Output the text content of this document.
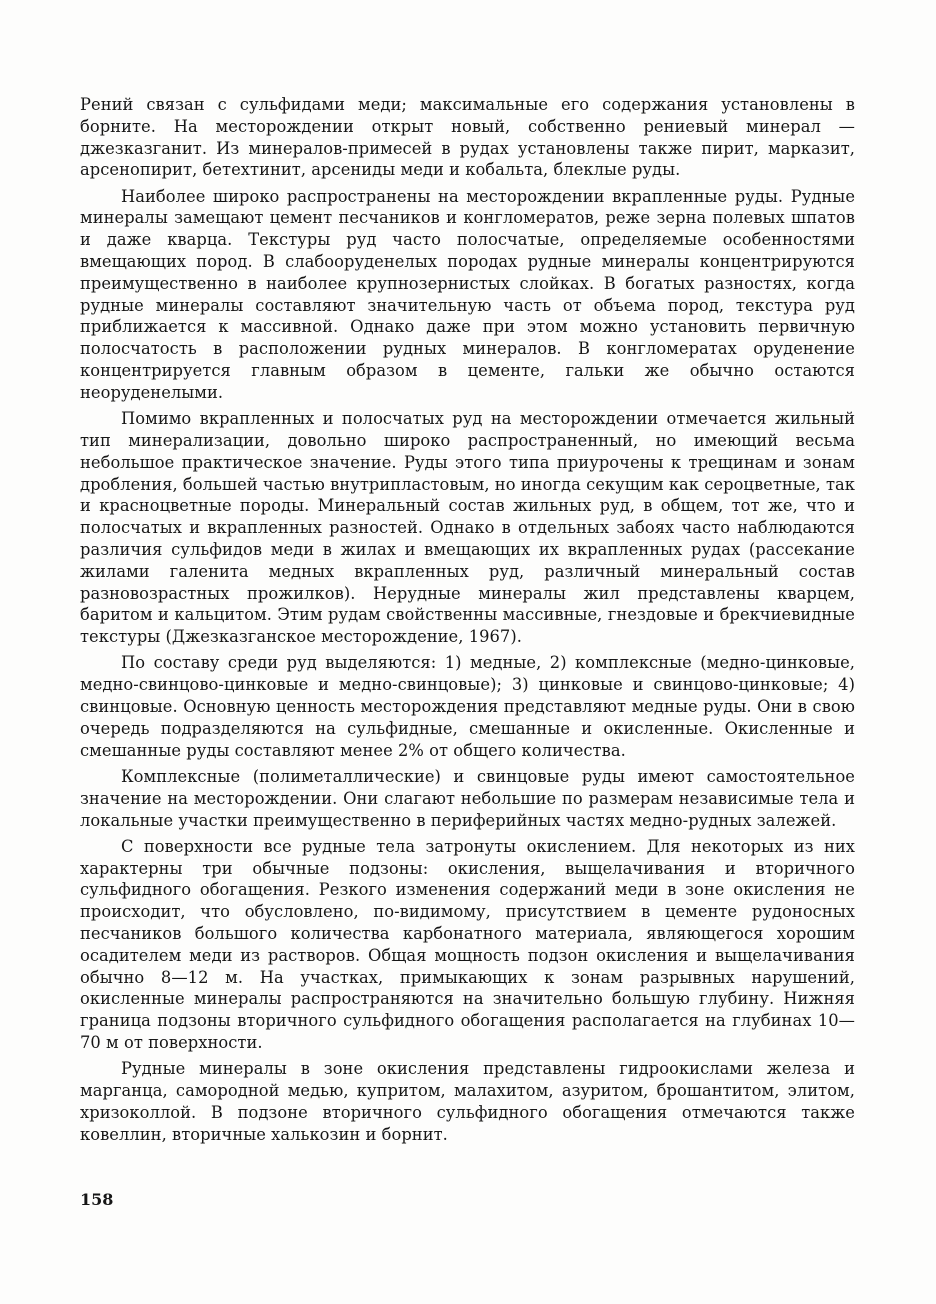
Рений связан с сульфидами меди; максимальные его содержания установлены в борните. На месторождении открыт новый, собственно рениевый минерал — джезказганит. Из минералов-примесей в рудах установлены также пирит, марказит, арсенопирит, бетехтинит, арсениды меди и кобальта, блеклые руды.

Наиболее широко распространены на месторождении вкрапленные руды. Рудные минералы замещают цемент песчаников и конгломератов, реже зерна полевых шпатов и даже кварца. Текстуры руд часто полосчатые, определяемые особенностями вмещающих пород. В слабооруденелых породах рудные минералы концентрируются преимущественно в наиболее крупнозернистых слойках. В богатых разностях, когда рудные минералы составляют значительную часть от объема пород, текстура руд приближается к массивной. Однако даже при этом можно установить первичную полосчатость в расположении рудных минералов. В конгломератах оруденение концентрируется главным образом в цементе, гальки же обычно остаются неоруденелыми.

Помимо вкрапленных и полосчатых руд на месторождении отмечается жильный тип минерализации, довольно широко распространенный, но имеющий весьма небольшое практическое значение. Руды этого типа приурочены к трещинам и зонам дробления, большей частью внутрипластовым, но иногда секущим как сероцветные, так и красноцветные породы. Минеральный состав жильных руд, в общем, тот же, что и полосчатых и вкрапленных разностей. Однако в отдельных забоях часто наблюдаются различия сульфидов меди в жилах и вмещающих их вкрапленных рудах (рассекание жилами галенита медных вкрапленных руд, различный минеральный состав разновозрастных прожилков). Нерудные минералы жил представлены кварцем, баритом и кальцитом. Этим рудам свойственны массивные, гнездовые и брекчиевидные текстуры (Джезказганское месторождение, 1967).

По составу среди руд выделяются: 1) медные, 2) комплексные (медно-цинковые, медно-свинцово-цинковые и медно-свинцовые); 3) цинковые и свинцово-цинковые; 4) свинцовые. Основную ценность месторождения представляют медные руды. Они в свою очередь подразделяются на сульфидные, смешанные и окисленные. Окисленные и смешанные руды составляют менее 2% от общего количества.

Комплексные (полиметаллические) и свинцовые руды имеют самостоятельное значение на месторождении. Они слагают небольшие по размерам независимые тела и локальные участки преимущественно в периферийных частях медно-рудных залежей.

С поверхности все рудные тела затронуты окислением. Для некоторых из них характерны три обычные подзоны: окисления, выщелачивания и вторичного сульфидного обогащения. Резкого изменения содержаний меди в зоне окисления не происходит, что обусловлено, по-видимому, присутствием в цементе рудоносных песчаников большого количества карбонатного материала, являющегося хорошим осадителем меди из растворов. Общая мощность подзон окисления и выщелачивания обычно 8—12 м. На участках, примыкающих к зонам разрывных нарушений, окисленные минералы распространяются на значительно большую глубину. Нижняя граница подзоны вторичного сульфидного обогащения располагается на глубинах 10—70 м от поверхности.

Рудные минералы в зоне окисления представлены гидроокислами железа и марганца, самородной медью, купритом, малахитом, азуритом, брошантитом, элитом, хризоколлой. В подзоне вторичного сульфидного обогащения отмечаются также ковеллин, вторичные халькозин и борнит.

158
